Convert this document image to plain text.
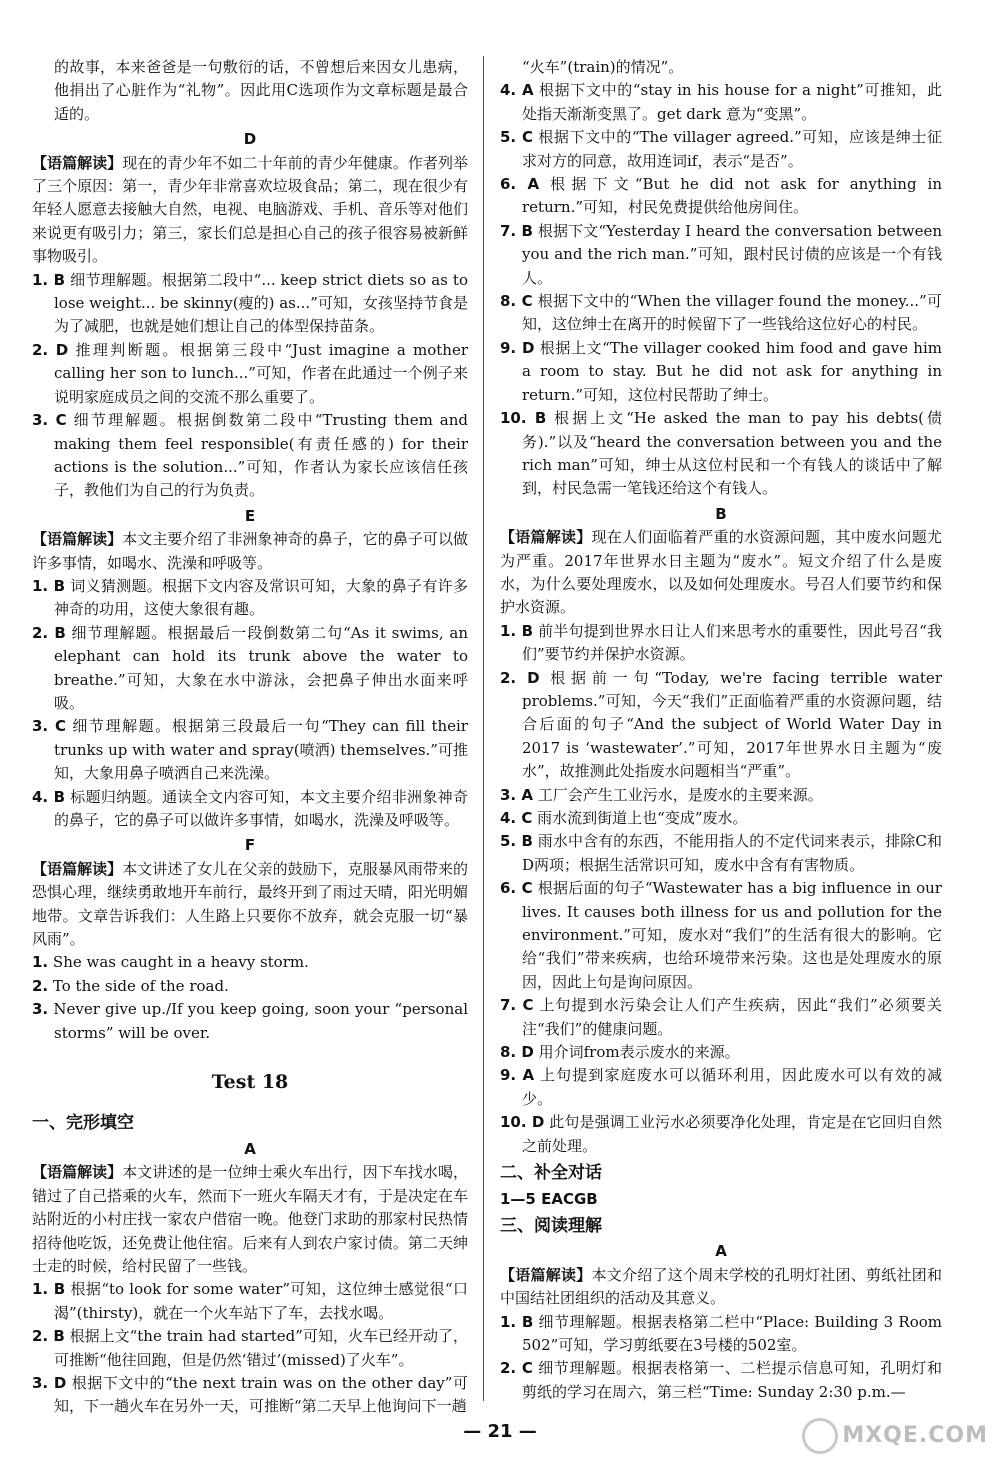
的故事，本来爸爸是一句敷衍的话，不曾想后来因女儿患病，他捐出了心脏作为“礼物”。因此用C选项作为文章标题是最合适的。

D

【语篇解读】现在的青少年不如二十年前的青少年健康。作者列举了三个原因：第一，青少年非常喜欢垃圾食品；第二，现在很少有年轻人愿意去接触大自然，电视、电脑游戏、手机、音乐等对他们来说更有吸引力；第三，家长们总是担心自己的孩子很容易被新鲜事物吸引。

1. B 细节理解题。根据第二段中“... keep strict diets so as to lose weight... be skinny(瘦的) as...”可知，女孩坚持节食是为了减肥，也就是她们想让自己的体型保持苗条。

2. D 推理判断题。根据第三段中“Just imagine a mother calling her son to lunch...”可知，作者在此通过一个例子来说明家庭成员之间的交流不那么重要了。

3. C 细节理解题。根据倒数第二段中“Trusting them and making them feel responsible(有责任感的) for their actions is the solution...”可知，作者认为家长应该信任孩子，教他们为自己的行为负责。

E

【语篇解读】本文主要介绍了非洲象神奇的鼻子，它的鼻子可以做许多事情，如喝水、洗澡和呼吸等。

1. B 词义猜测题。根据下文内容及常识可知，大象的鼻子有许多神奇的功用，这使大象很有趣。

2. B 细节理解题。根据最后一段倒数第二句“As it swims, an elephant can hold its trunk above the water to breathe.”可知，大象在水中游泳，会把鼻子伸出水面来呼吸。

3. C 细节理解题。根据第三段最后一句“They can fill their trunks up with water and spray(喷洒) themselves.”可推知，大象用鼻子喷洒自己来洗澡。

4. B 标题归纳题。通读全文内容可知，本文主要介绍非洲象神奇的鼻子，它的鼻子可以做许多事情，如喝水，洗澡及呼吸等。

F

【语篇解读】本文讲述了女儿在父亲的鼓励下，克服暴风雨带来的恐惧心理，继续勇敢地开车前行，最终开到了雨过天晴，阳光明媚地带。文章告诉我们：人生路上只要你不放弃，就会克服一切“暴风雨”。

1. She was caught in a heavy storm.

2. To the side of the road.

3. Never give up./If you keep going, soon your “personal storms” will be over.

Test 18
一、完形填空
A

【语篇解读】本文讲述的是一位绅士乘火车出行，因下车找水喝，错过了自己搭乘的火车，然而下一班火车隔天才有，于是决定在车站附近的小村庄找一家农户借宿一晚。他登门求助的那家村民热情招待他吃饭，还免费让他住宿。后来有人到农户家讨债。第二天绅士走的时候，给村民留了一些钱。

1. B 根据“to look for some water”可知，这位绅士感觉很“口渴”(thirsty)，就在一个火车站下了车，去找水喝。

2. B 根据上文“the train had started”可知，火车已经开动了，可推断“他往回跑，但是仍然‘错过’(missed)了火车”。

3. D 根据下文中的“the next train was on the other day”可知，下一趟火车在另外一天，可推断“第二天早上他询问下一趟

“火车”(train)的情况”。

4. A 根据下文中的“stay in his house for a night”可推知，此处指天渐渐变黑了。get dark 意为“变黑”。

5. C 根据下文中的“The villager agreed.”可知，应该是绅士征求对方的同意，故用连词if，表示“是否”。

6. A 根据下文“But he did not ask for anything in return.”可知，村民免费提供给他房间住。

7. B 根据下文“Yesterday I heard the conversation between you and the rich man.”可知，跟村民讨债的应该是一个有钱人。

8. C 根据下文中的“When the villager found the money...”可知，这位绅士在离开的时候留下了一些钱给这位好心的村民。

9. D 根据上文“The villager cooked him food and gave him a room to stay. But he did not ask for anything in return.”可知，这位村民帮助了绅士。

10. B 根据上文“He asked the man to pay his debts(债务).”以及“heard the conversation between you and the rich man”可知，绅士从这位村民和一个有钱人的谈话中了解到，村民急需一笔钱还给这个有钱人。

B

【语篇解读】现在人们面临着严重的水资源问题，其中废水问题尤为严重。2017年世界水日主题为“废水”。短文介绍了什么是废水，为什么要处理废水，以及如何处理废水。号召人们要节约和保护水资源。

1. B 前半句提到世界水日让人们来思考水的重要性，因此号召“我们”要节约并保护水资源。

2. D 根据前一句“Today, we're facing terrible water problems.”可知，今天“我们”正面临着严重的水资源问题，结合后面的句子“And the subject of World Water Day in 2017 is ‘wastewater’.”可知，2017年世界水日主题为“废水”，故推测此处指废水问题相当“严重”。

3. A 工厂会产生工业污水，是废水的主要来源。

4. C 雨水流到街道上也“变成”废水。

5. B 雨水中含有的东西，不能用指人的不定代词来表示，排除C和D两项；根据生活常识可知，废水中含有有害物质。

6. C 根据后面的句子“Wastewater has a big influence in our lives. It causes both illness for us and pollution for the environment.”可知，废水对“我们”的生活有很大的影响。它给“我们”带来疾病，也给环境带来污染。这也是处理废水的原因，因此上句是询问原因。

7. C 上句提到水污染会让人们产生疾病，因此“我们”必须要关注“我们”的健康问题。

8. D 用介词from表示废水的来源。

9. A 上句提到家庭废水可以循环利用，因此废水可以有效的减少。

10. D 此句是强调工业污水必须要净化处理，肯定是在它回归自然之前处理。

二、补全对话

1—5 EACGB

三、阅读理解
A

【语篇解读】本文介绍了这个周末学校的孔明灯社团、剪纸社团和中国结社团组织的活动及其意义。

1. B 细节理解题。根据表格第二栏中“Place: Building 3 Room 502”可知，学习剪纸要在3号楼的502室。

2. C 细节理解题。根据表格第一、二栏提示信息可知，孔明灯和剪纸的学习在周六，第三栏“Time: Sunday 2:30 p.m.—

— 21 —	MXQE.COM
